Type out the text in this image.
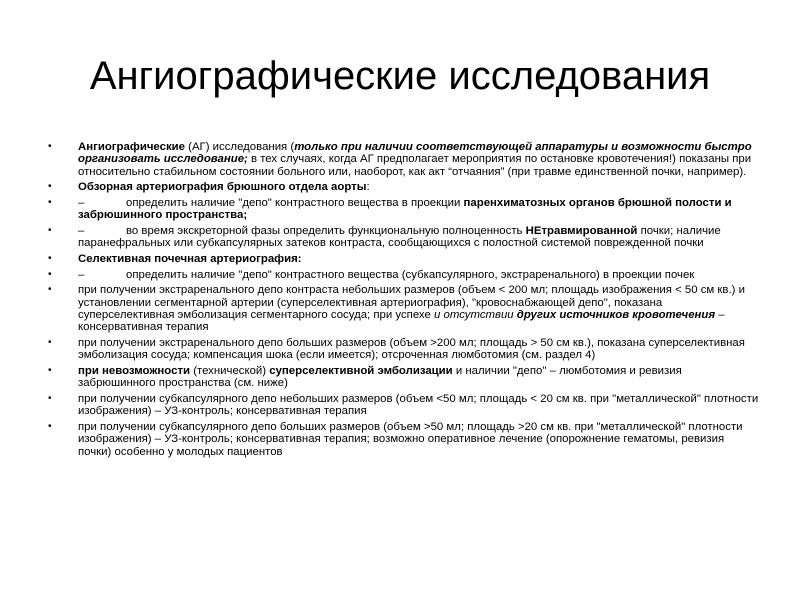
Ангиографические исследования
•	Ангиографические (АГ) исследования (только при наличии соответствующей аппаратуры и возможности быстро организовать исследование; в тех случаях, когда АГ предполагает мероприятия по остановке кровотечения!) показаны при относительно стабильном состоянии больного или, наоборот, как акт “отчаяния” (при травме единственной почки, например).
•	Обзорная артериография брюшного отдела аорты:
•	–	определить наличие "депо" контрастного вещества в проекции паренхиматозных органов брюшной полости и забрюшинного пространства;
•	–	во время экскреторной фазы определить функциональную полноценность НЕтравмированной почки; наличие паранефральных или субкапсулярных затеков контраста, сообщающихся с полостной системой поврежденной почки
•	Селективная почечная артериография:
•	–	определить наличие "депо" контрастного вещества (субкапсулярного, экстраренального) в проекции почек
•	при получении экстраренального депо контраста небольших размеров (объем < 200 мл; площадь изображения < 50 см кв.) и установлении сегментарной артерии (суперселективная артериография), "кровоснабжающей депо", показана суперселективная эмболизация сегментарного сосуда; при успехе и отсутствии других источников кровотечения – консервативная терапия
•	при получении экстраренального депо больших размеров (объем >200 мл; площадь > 50 см кв.), показана суперселективная эмболизация сосуда; компенсация шока (если имеется); отсроченная люмботомия (см. раздел 4)
•	при невозможности (технической) суперселективной эмболизации и наличии "депо" – люмботомия и ревизия забрюшинного пространства (см. ниже)
•	при получении субкапсулярного депо небольших размеров (объем <50 мл; площадь < 20 см кв. при "металлической" плотности изображения) – УЗ-контроль; консервативная терапия
•	при получении субкапсулярного депо больших размеров (объем >50 мл; площадь >20 см кв. при "металлической" плотности изображения) – УЗ-контроль; консервативная терапия; возможно оперативное лечение (опорожнение гематомы, ревизия почки) особенно у молодых пациентов
